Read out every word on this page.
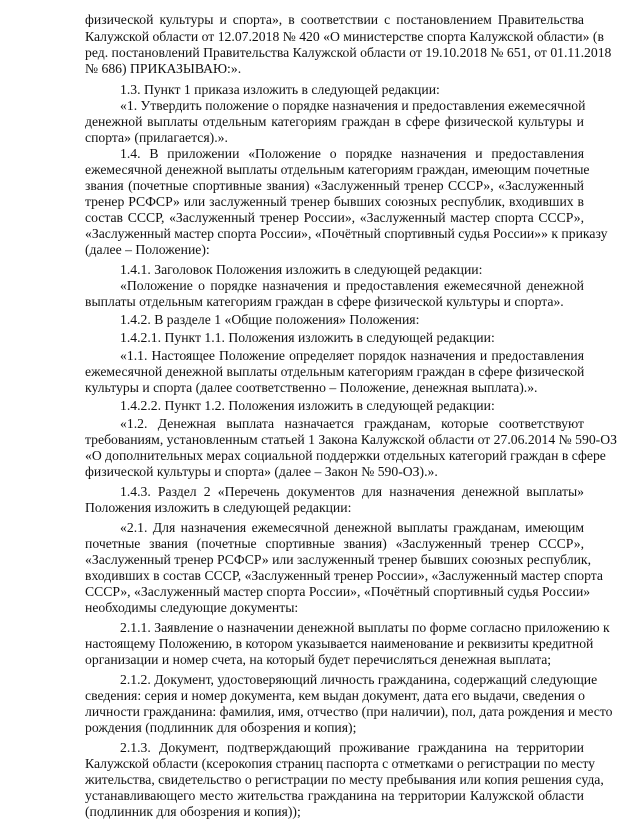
физической культуры и спорта», в соответствии с постановлением Правительства
Калужской области от 12.07.2018 № 420 «О министерстве спорта Калужской области» (в
ред. постановлений Правительства Калужской области от 19.10.2018 № 651, от 01.11.2018
№ 686) ПРИКАЗЫВАЮ:».
1.3. Пункт 1 приказа изложить в следующей редакции:
«1. Утвердить положение о порядке назначения и предоставления ежемесячной
денежной выплаты отдельным категориям граждан в сфере физической культуры и
спорта» (прилагается).».
1.4. В приложении «Положение о порядке назначения и предоставления
ежемесячной денежной выплаты отдельным категориям граждан, имеющим почетные
звания (почетные спортивные звания) «Заслуженный тренер СССР», «Заслуженный
тренер РСФСР» или заслуженный тренер бывших союзных республик, входивших в
состав СССР, «Заслуженный тренер России», «Заслуженный мастер спорта СССР»,
«Заслуженный мастер спорта России», «Почётный спортивный судья России»» к приказу
(далее – Положение):
1.4.1. Заголовок Положения изложить в следующей редакции:
«Положение о порядке назначения и предоставления ежемесячной денежной
выплаты отдельным категориям граждан в сфере физической культуры и спорта».
1.4.2. В разделе 1 «Общие положения» Положения:
1.4.2.1. Пункт 1.1. Положения изложить в следующей редакции:
«1.1. Настоящее Положение определяет порядок назначения и предоставления
ежемесячной денежной выплаты отдельным категориям граждан в сфере физической
культуры и спорта (далее соответственно – Положение, денежная выплата).».
1.4.2.2. Пункт 1.2. Положения изложить в следующей редакции:
«1.2. Денежная выплата назначается гражданам, которые соответствуют
требованиям, установленным статьей 1 Закона Калужской области от 27.06.2014 № 590-ОЗ
«О дополнительных мерах социальной поддержки отдельных категорий граждан в сфере
физической культуры и спорта» (далее – Закон № 590-ОЗ).».
1.4.3. Раздел 2 «Перечень документов для назначения денежной выплаты»
Положения изложить в следующей редакции:
«2.1. Для назначения ежемесячной денежной выплаты гражданам, имеющим
почетные звания (почетные спортивные звания) «Заслуженный тренер СССР»,
«Заслуженный тренер РСФСР» или заслуженный тренер бывших союзных республик,
входивших в состав СССР, «Заслуженный тренер России», «Заслуженный мастер спорта
СССР», «Заслуженный мастер спорта России», «Почётный спортивный судья России»
необходимы следующие документы:
2.1.1. Заявление о назначении денежной выплаты по форме согласно приложению к
настоящему Положению, в котором указывается наименование и реквизиты кредитной
организации и номер счета, на который будет перечисляться денежная выплата;
2.1.2. Документ, удостоверяющий личность гражданина, содержащий следующие
сведения: серия и номер документа, кем выдан документ, дата его выдачи, сведения о
личности гражданина: фамилия, имя, отчество (при наличии), пол, дата рождения и место
рождения (подлинник для обозрения и копия);
2.1.3. Документ, подтверждающий проживание гражданина на территории
Калужской области (ксерокопия страниц паспорта с отметками о регистрации по месту
жительства, свидетельство о регистрации по месту пребывания или копия решения суда,
устанавливающего место жительства гражданина на территории Калужской области
(подлинник для обозрения и копия));
